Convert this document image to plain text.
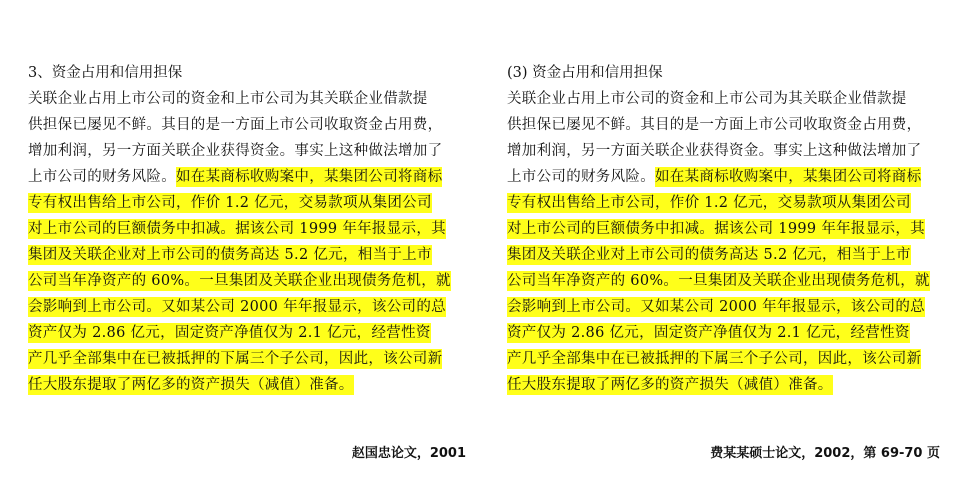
3、资金占用和信用担保
关联企业占用上市公司的资金和上市公司为其关联企业借款提
供担保已屡见不鲜。其目的是一方面上市公司收取资金占用费，
增加利润，另一方面关联企业获得资金。事实上这种做法增加了
上市公司的财务风险。如在某商标收购案中，某集团公司将商标
专有权出售给上市公司，作价 1.2 亿元，交易款项从集团公司
对上市公司的巨额债务中扣减。据该公司 1999 年年报显示，其
集团及关联企业对上市公司的债务高达 5.2 亿元，相当于上市
公司当年净资产的 60%。一旦集团及关联企业出现债务危机，就
会影响到上市公司。又如某公司 2000 年年报显示，该公司的总
资产仅为 2.86 亿元，固定资产净值仅为 2.1 亿元，经营性资
产几乎全部集中在已被抵押的下属三个子公司，因此，该公司新
任大股东提取了两亿多的资产损失（减值）准备。
(3) 资金占用和信用担保
关联企业占用上市公司的资金和上市公司为其关联企业借款提
供担保已屡见不鲜。其目的是一方面上市公司收取资金占用费，
增加利润，另一方面关联企业获得资金。事实上这种做法增加了
上市公司的财务风险。如在某商标收购案中，某集团公司将商标
专有权出售给上市公司，作价 1.2 亿元，交易款项从集团公司
对上市公司的巨额债务中扣减。据该公司 1999 年年报显示，其
集团及关联企业对上市公司的债务高达 5.2 亿元，相当于上市
公司当年净资产的 60%。一旦集团及关联企业出现债务危机，就
会影响到上市公司。又如某公司 2000 年年报显示，该公司的总
资产仅为 2.86 亿元，固定资产净值仅为 2.1 亿元，经营性资
产几乎全部集中在已被抵押的下属三个子公司，因此，该公司新
任大股东提取了两亿多的资产损失（减值）准备。
赵国忠论文，2001	费某某硕士论文，2002，第 69-70 页
